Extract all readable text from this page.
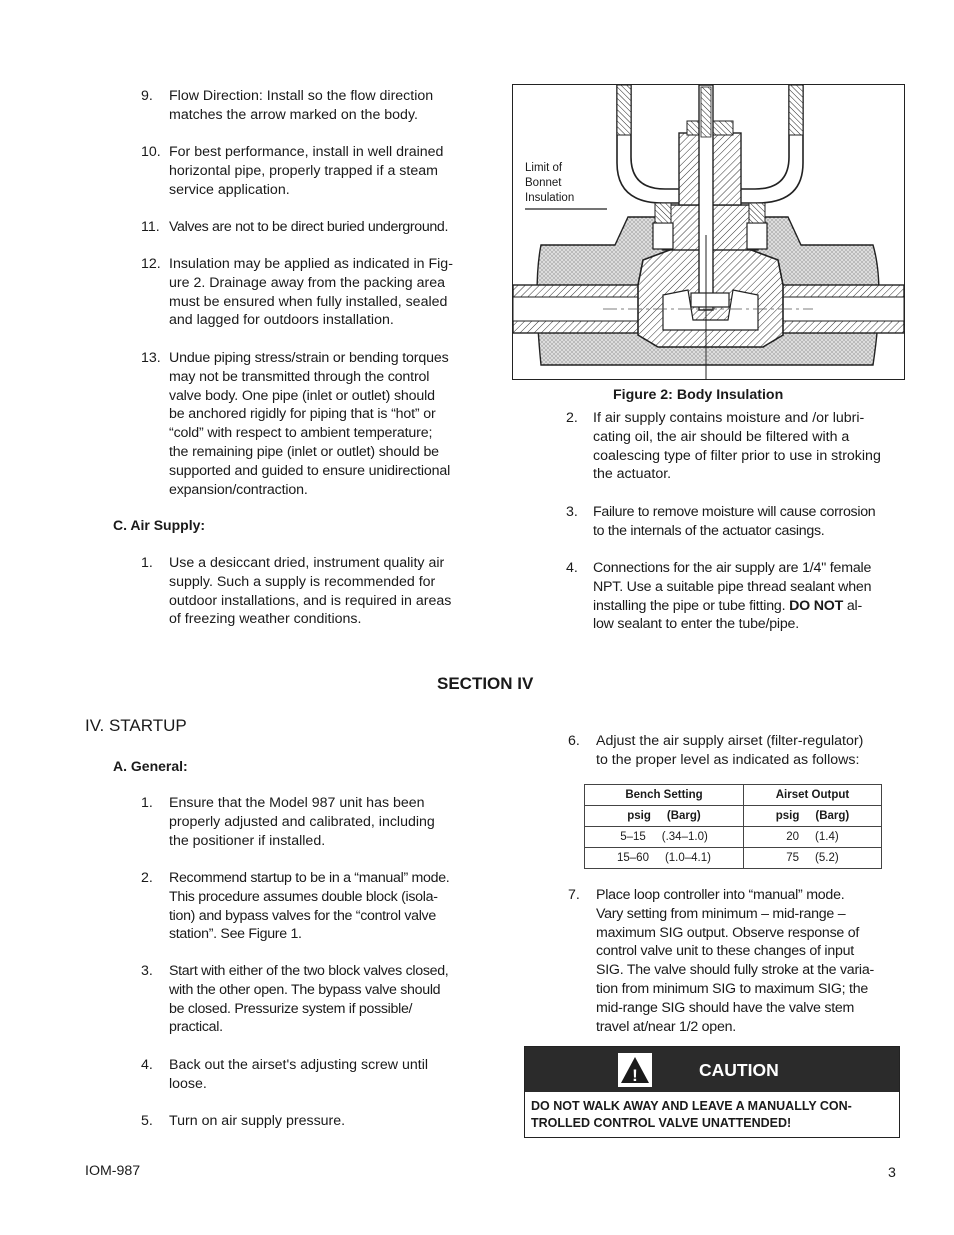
9. Flow Direction: Install so the flow direction
matches the arrow marked on the body.
10. For best performance, install in well drained
horizontal pipe, properly trapped if a steam
service application.
11. Valves are not to be direct buried underground.
12. Insulation may be applied as indicated in Fig-
ure 2. Drainage away from the packing area
must be ensured when fully installed, sealed
and lagged for outdoors installation.
13. Undue piping stress/strain or bending torques
may not be transmitted through the control
valve body. One pipe (inlet or outlet) should
be anchored rigidly for piping that is “hot” or
“cold” with respect to ambient temperature;
the remaining pipe (inlet or outlet) should be
supported and guided to ensure unidirectional
expansion/contraction.
C. Air Supply:
1. Use a desiccant dried, instrument quality air
supply. Such a supply is recommended for
outdoor installations, and is required in areas
of freezing weather conditions.
Limit of
Bonnet
Insulation
Figure 2: Body Insulation
2. If air supply contains moisture and /or lubri-
cating oil, the air should be filtered with a
coalescing type of filter prior to use in stroking
the actuator.
3. Failure to remove moisture will cause corrosion
to the internals of the actuator casings.
4. Connections for the air supply are 1/4" female
NPT. Use a suitable pipe thread sealant when
installing the pipe or tube fitting. DO NOT al-
low sealant to enter the tube/pipe.
SECTION IV
IV. STARTUP
A. General:
1. Ensure that the Model 987 unit has been
properly adjusted and calibrated, including
the positioner if installed.
2. Recommend startup to be in a “manual” mode.
This procedure assumes double block (isola-
tion) and bypass valves for the “control valve
station”. See Figure 1.
3. Start with either of the two block valves closed,
with the other open. The bypass valve should
be closed. Pressurize system if possible/
practical.
4. Back out the airset's adjusting screw until
loose.
5. Turn on air supply pressure.
6. Adjust the air supply airset (filter-regulator)
to the proper level as indicated as follows:
Bench Setting	Airset Output
psig     (Barg)	psig     (Barg)
5–15     (.34–1.0)	20     (1.4)
15–60     (1.0–4.1)	75     (5.2)
7. Place loop controller into “manual” mode.
Vary setting from minimum – mid-range –
maximum SIG output. Observe response of
control valve unit to these changes of input
SIG. The valve should fully stroke at the varia-
tion from minimum SIG to maximum SIG; the
mid-range SIG should have the valve stem
travel at/near 1/2 open.
!	CAUTION
DO NOT WALK AWAY AND LEAVE A MANUALLY CON-
TROLLED CONTROL VALVE UNATTENDED!
IOM-987	3
